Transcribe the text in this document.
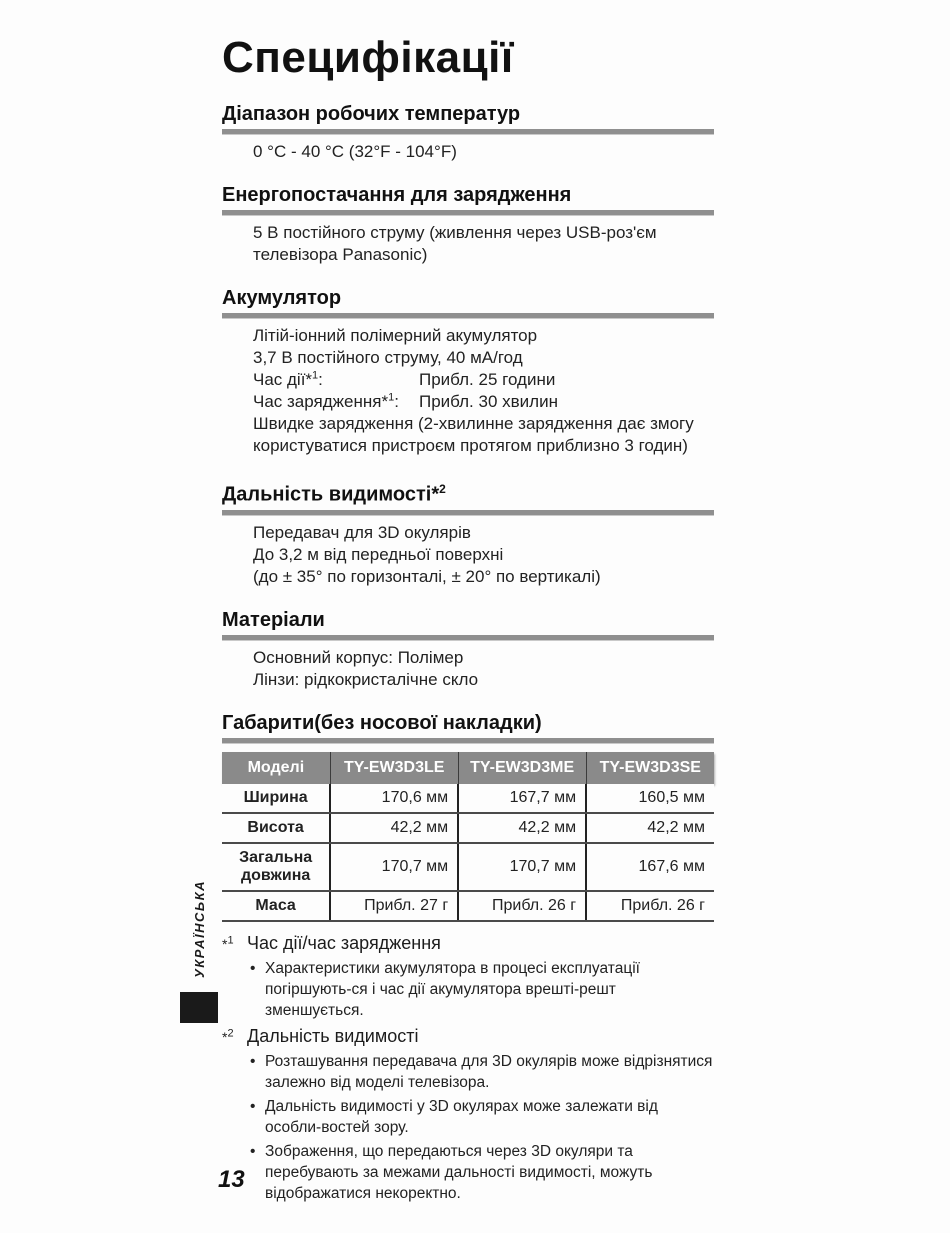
Специфікації
Діапазон робочих температур
0 °C - 40 °C (32°F - 104°F)
Енергопостачання для зарядження
5 В постійного струму (живлення через USB-роз'єм
телевізора Panasonic)
Акумулятор
Літій-іонний полімерний акумулятор
3,7 В постійного струму, 40 мА/год
Час дії*$^1$:	Прибл. 25 години
Час зарядження*$^1$:	Прибл. 30 хвилин
Швидке зарядження (2-хвилинне зарядження дає змогу
користуватися пристроєм протягом приблизно 3 годин)
Дальність видимості*$^2$
Передавач для 3D окулярів
До 3,2 м від передньої поверхні
(до ± 35° по горизонталі, ± 20° по вертикалі)
Матеріали
Основний корпус: Полімер
Лінзи: рідкокристалічне скло
Габарити(без носової накладки)
Моделі	TY-EW3D3LE	TY-EW3D3ME	TY-EW3D3SE
Ширина	170,6 мм	167,7 мм	160,5 мм
Висота	42,2 мм	42,2 мм	42,2 мм
Загальна довжина	170,7 мм	170,7 мм	167,6 мм
Маса	Прибл. 27 г	Прибл. 26 г	Прибл. 26 г
*$^1$ Час дії/час зарядження
• Характеристики акумулятора в процесі експлуатації погіршують-ся і час дії акумулятора врешті-решт зменшується.
*$^2$ Дальність видимості
• Розташування передавача для 3D окулярів може відрізнятися залежно від моделі телевізора.
• Дальність видимості у 3D окулярах може залежати від особли-востей зору.
• Зображення, що передаються через 3D окуляри та перебувають за межами дальності видимості, можуть відображатися некоректно.
УКРАЇНСЬКА
13
